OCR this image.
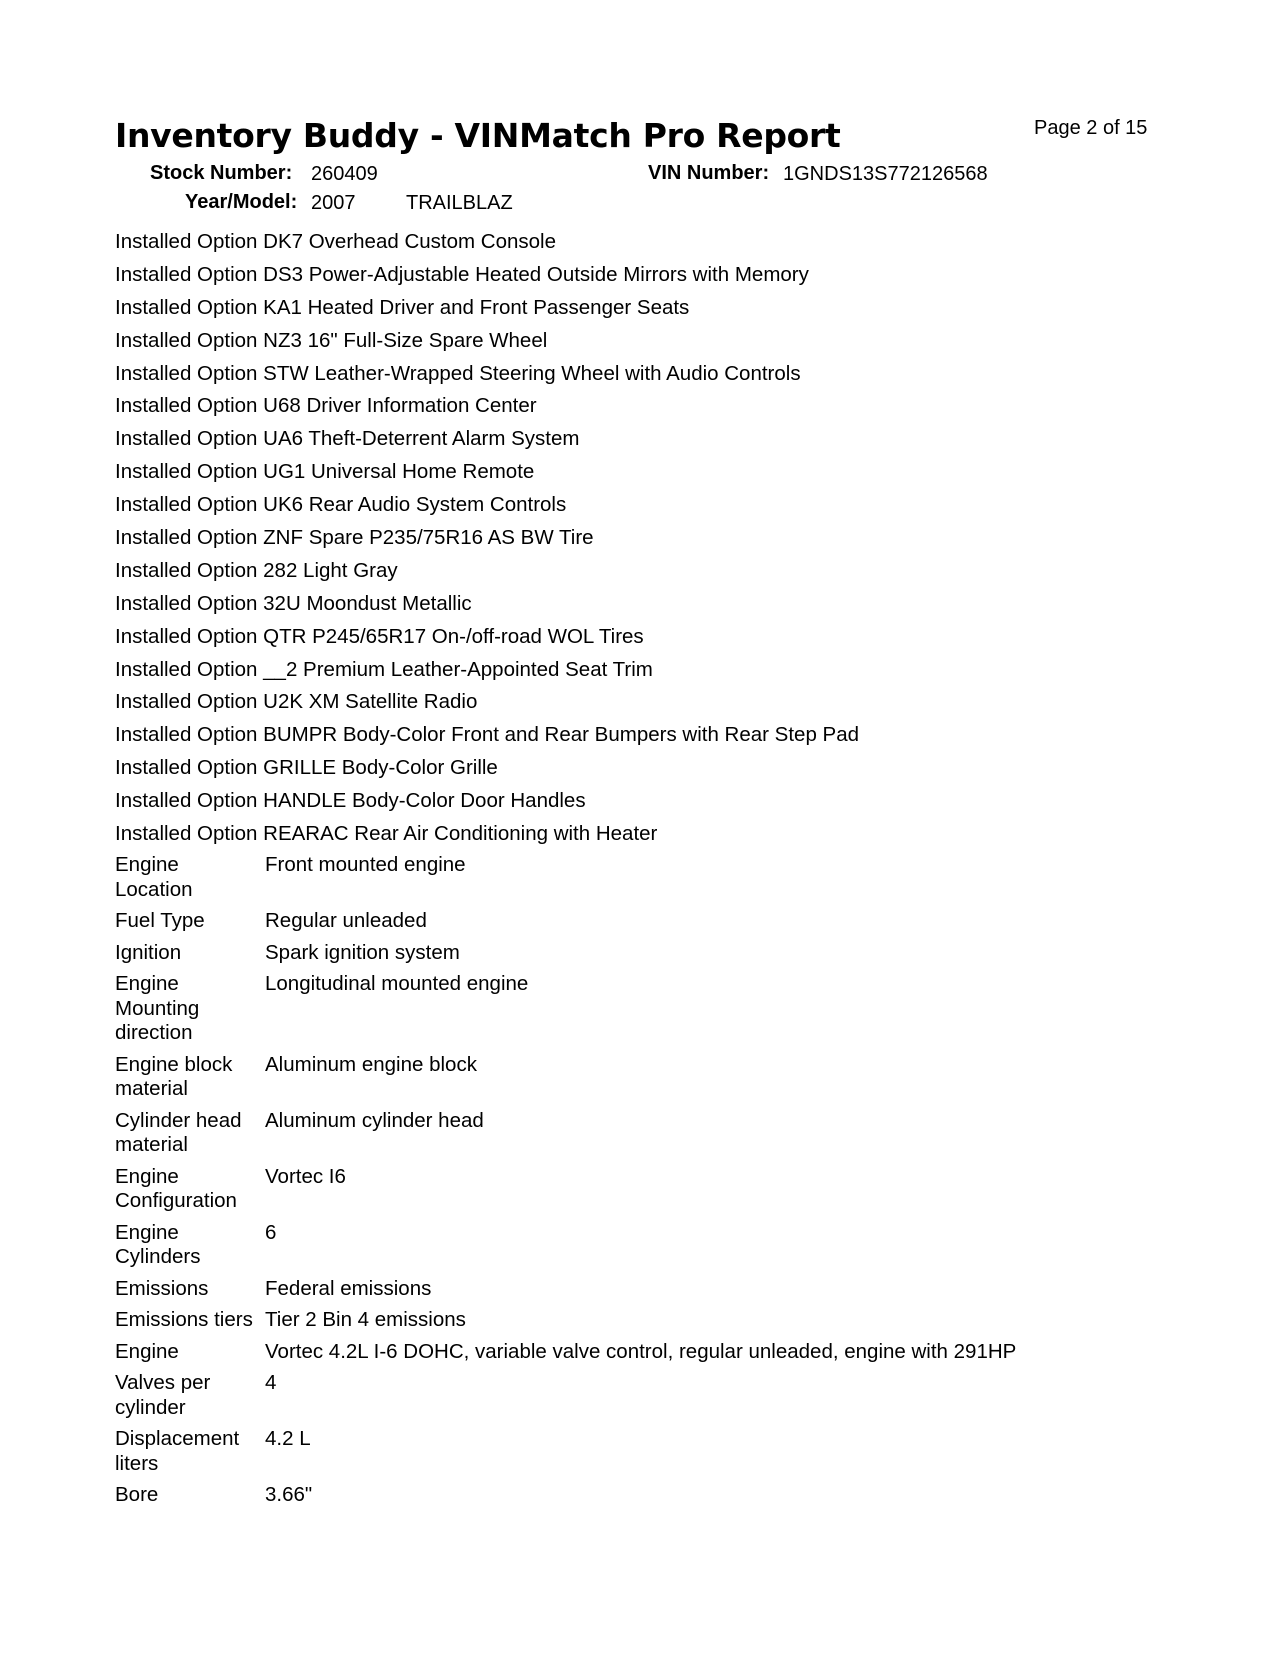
Inventory Buddy - VINMatch Pro Report	Page 2 of 15
Stock Number: 260409	VIN Number: 1GNDS13S772126568
Year/Model: 2007	TRAILBLAZ
Installed Option DK7 Overhead Custom Console
Installed Option DS3 Power-Adjustable Heated Outside Mirrors with Memory
Installed Option KA1 Heated Driver and Front Passenger Seats
Installed Option NZ3 16" Full-Size Spare Wheel
Installed Option STW Leather-Wrapped Steering Wheel with Audio Controls
Installed Option U68 Driver Information Center
Installed Option UA6 Theft-Deterrent Alarm System
Installed Option UG1 Universal Home Remote
Installed Option UK6 Rear Audio System Controls
Installed Option ZNF Spare P235/75R16 AS BW Tire
Installed Option 282 Light Gray
Installed Option 32U Moondust Metallic
Installed Option QTR P245/65R17 On-/off-road WOL Tires
Installed Option __2 Premium Leather-Appointed Seat Trim
Installed Option U2K XM Satellite Radio
Installed Option BUMPR Body-Color Front and Rear Bumpers with Rear Step Pad
Installed Option GRILLE Body-Color Grille
Installed Option HANDLE Body-Color Door Handles
Installed Option REARAC Rear Air Conditioning with Heater
Engine Location	Front mounted engine

Fuel Type	Regular unleaded

Ignition	Spark ignition system

Engine Mounting direction	Longitudinal mounted engine

Engine block material	Aluminum engine block

Cylinder head material	Aluminum cylinder head

Engine Configuration	Vortec I6

Engine Cylinders	6

Emissions	Federal emissions

Emissions tiers	Tier 2 Bin 4 emissions

Engine	Vortec 4.2L I-6 DOHC, variable valve control, regular unleaded, engine with 291HP

Valves per cylinder	4

Displacement liters	4.2 L

Bore	3.66"
